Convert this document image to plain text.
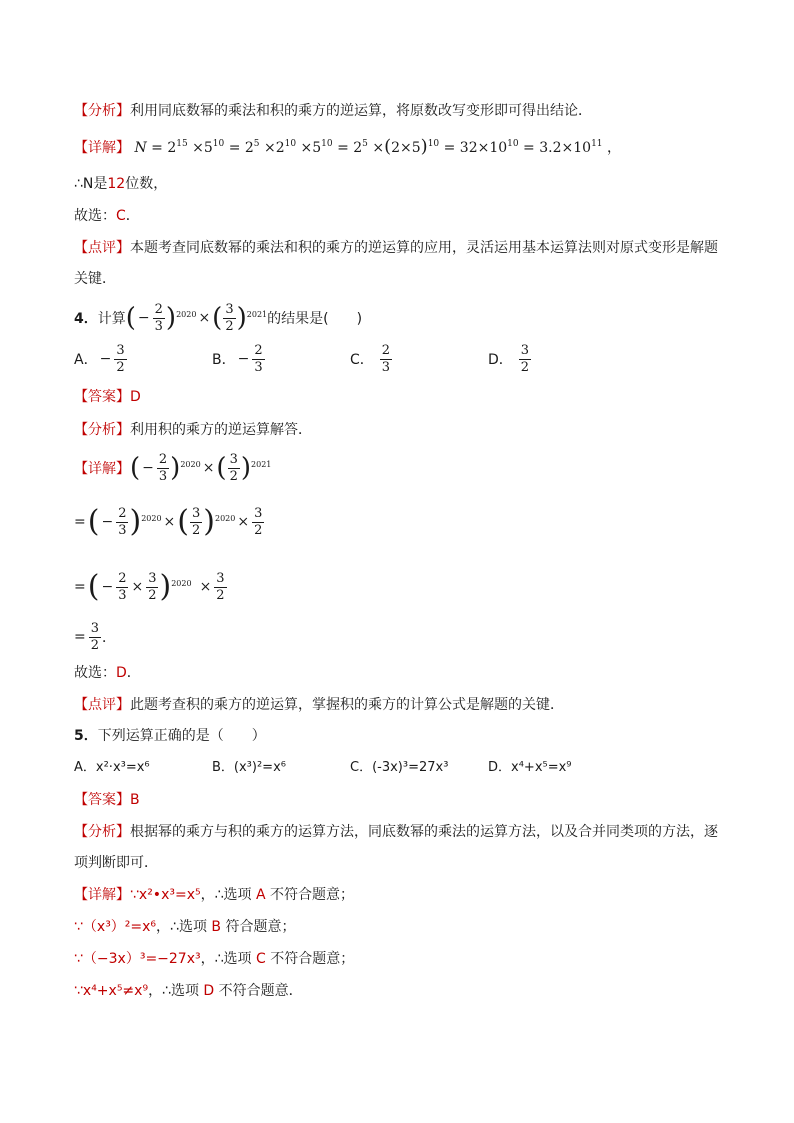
【分析】利用同底数幂的乘法和积的乘方的逆运算，将原数改写变形即可得出结论．
【详解】 $N = 2^{15} \times 5^{10} = 2^5 \times 2^{10} \times 5^{10} = 2^5 \times(2\times 5)^{10} = 32\times 10^{10} = 3.2\times 10^{11}$ ，
∴N是12位数，
故选：C．
【点评】本题考查同底数幂的乘法和积的乘方的逆运算的应用，灵活运用基本运算法则对原式变形是解题
关键．
4． 计算 ( − $\frac{2}{3}$ ) 2020 × ( $\frac{3}{2}$ ) 2021 的结果是(　　)
A． − $\frac{3}{2}$	B． − $\frac{2}{3}$	C． $\frac{2}{3}$	D． $\frac{3}{2}$
【答案】D
【分析】利用积的乘方的逆运算解答．
【详解】 ( − $\frac{2}{3}$ ) 2020 × ( $\frac{3}{2}$ ) 2021
= ( − $\frac{2}{3}$ ) 2020 × ( $\frac{3}{2}$ ) $2020 \times \frac{3}{2}$
= ( − $\frac{2}{3} \times \frac{3}{2}$ ) $2020 \times \frac{3}{2}$
= $\frac{3}{2}$ ．
故选：D．
【点评】此题考查积的乘方的逆运算，掌握积的乘方的计算公式是解题的关键．
5．下列运算正确的是（　　）
A．x²·x³=x⁶	B．(x³)²=x⁶	C．(-3x)³=27x³	D．x⁴+x⁵=x⁹
【答案】B
【分析】根据幂的乘方与积的乘方的运算方法，同底数幂的乘法的运算方法，以及合并同类项的方法，逐
项判断即可．
【详解】∵x²•x³=x⁵，∴选项 A 不符合题意；
∵（x³）²=x⁶，∴选项 B 符合题意；
∵（−3x）³=−27x³，∴选项 C 不符合题意；
∵x⁴+x⁵≠x⁹，∴选项 D 不符合题意．
